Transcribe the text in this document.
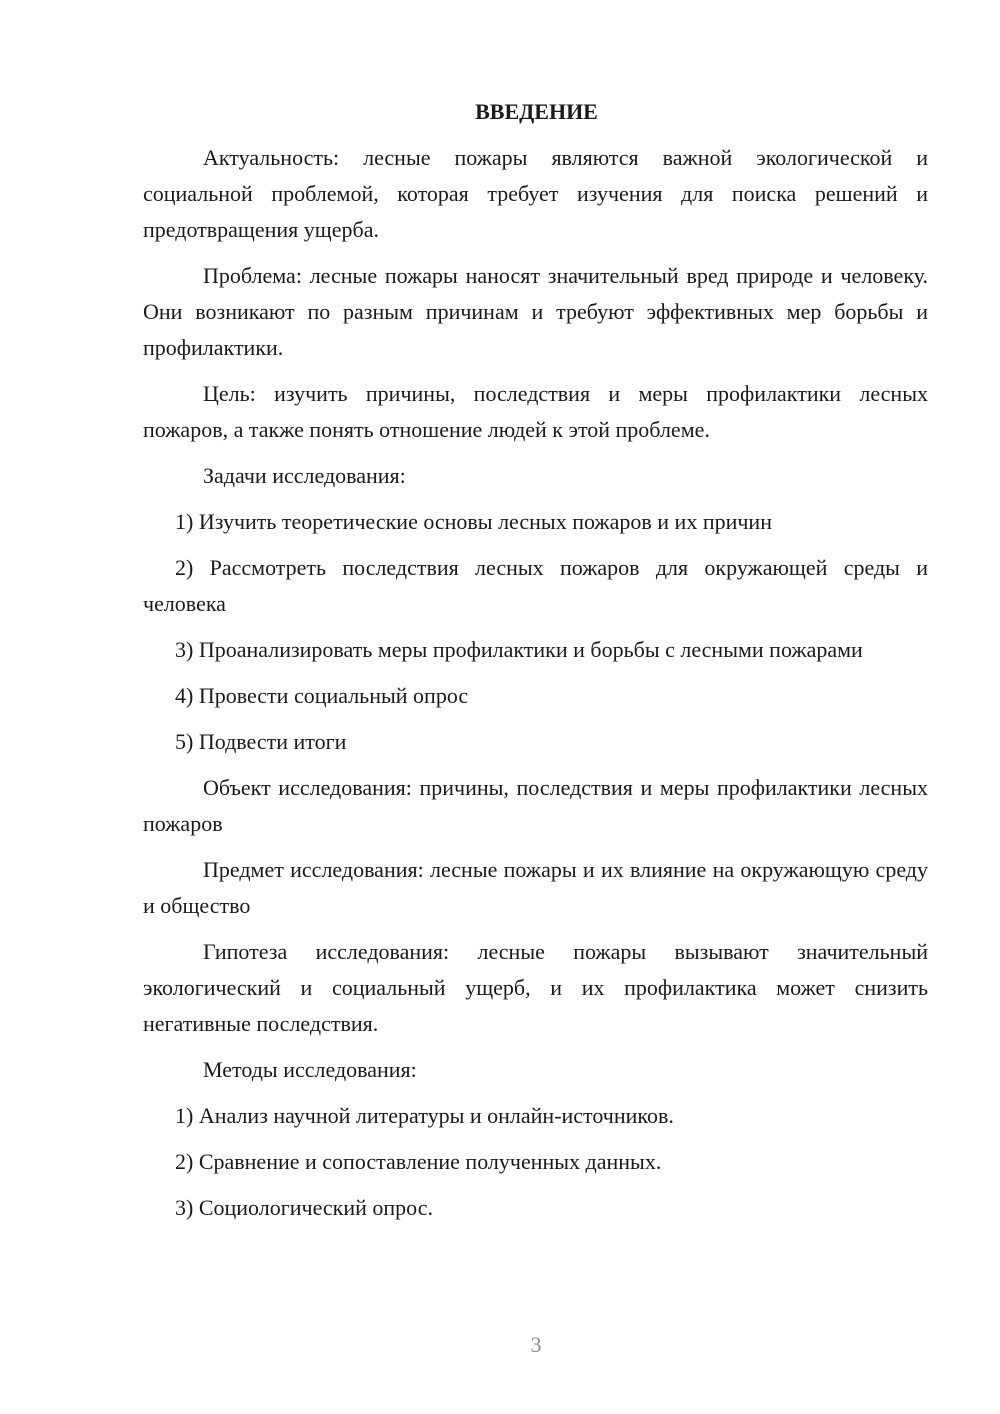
ВВЕДЕНИЕ

Актуальность: лесные пожары являются важной экологической и социальной проблемой, которая требует изучения для поиска решений и предотвращения ущерба.

Проблема: лесные пожары наносят значительный вред природе и человеку. Они возникают по разным причинам и требуют эффективных мер борьбы и профилактики.

Цель: изучить причины, последствия и меры профилактики лесных пожаров, а также понять отношение людей к этой проблеме.

Задачи исследования:

1) Изучить теоретические основы лесных пожаров и их причин

2) Рассмотреть последствия лесных пожаров для окружающей среды и человека

3) Проанализировать меры профилактики и борьбы с лесными пожарами

4) Провести социальный опрос

5) Подвести итоги

Объект исследования: причины, последствия и меры профилактики лесных пожаров

Предмет исследования: лесные пожары и их влияние на окружающую среду и общество

Гипотеза исследования: лесные пожары вызывают значительный экологический и социальный ущерб, и их профилактика может снизить негативные последствия.

Методы исследования:

1) Анализ научной литературы и онлайн-источников.

2) Сравнение и сопоставление полученных данных.

3) Социологический опрос.

3
